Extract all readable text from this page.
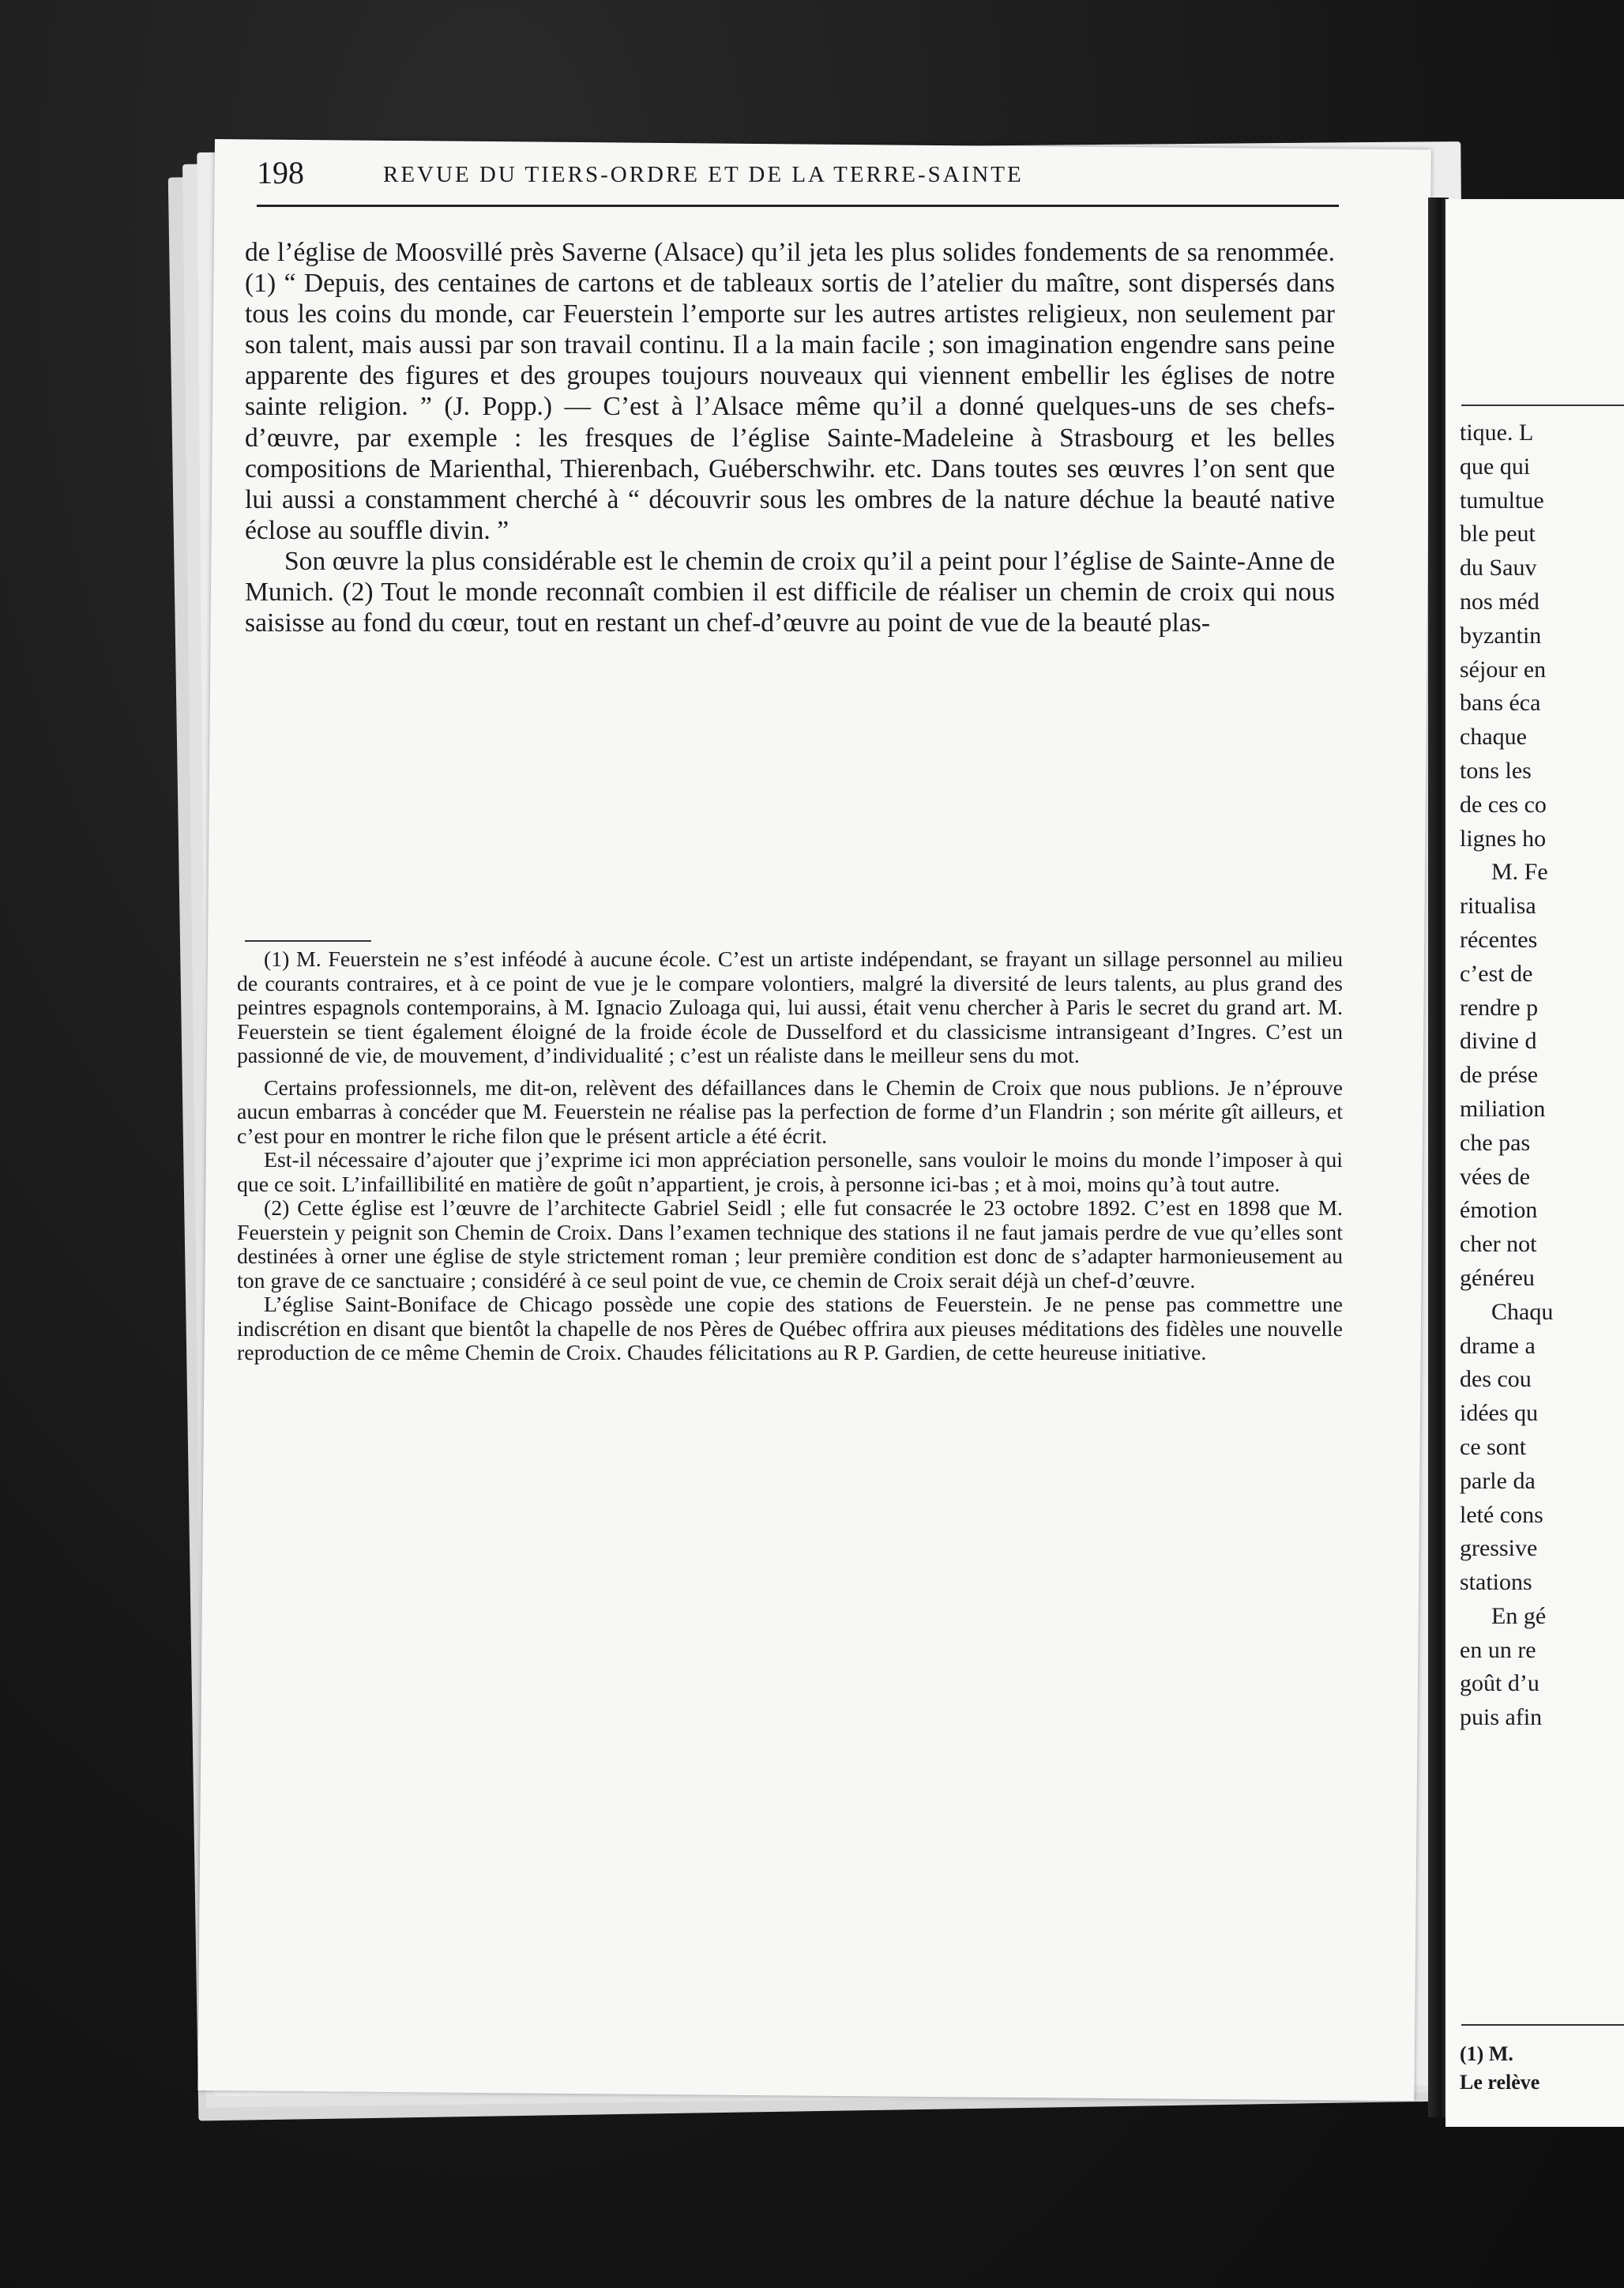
tique. L
que qui
tumultue
ble peut
du Sauv
nos méd
byzantin
séjour en
bans éca
chaque
tons les
de ces co
lignes ho
M. Fe
ritualisa
récentes
c’est de
rendre p
divine d
de prése
miliation
che pas
vées de
émotion
cher not
généreu
Chaqu
drame a
des cou
idées qu
ce sont
parle da
leté cons
gressive
stations
En gé
en un re
goût d’u
puis afin
(1) M.
Le relève
198	REVUE DU TIERS-ORDRE ET DE LA TERRE-SAINTE

de l’église de Moosvillé près Saverne (Alsace) qu’il jeta les plus solides fondements de sa renommée. (1) “ Depuis, des centaines de cartons et de tableaux sortis de l’atelier du maître, sont dispersés dans tous les coins du monde, car Feuerstein l’emporte sur les autres artistes religieux, non seulement par son talent, mais aussi par son travail continu. Il a la main facile ; son imagination engendre sans peine apparente des figures et des groupes toujours nouveaux qui viennent embellir les églises de notre sainte religion. ” (J. Popp.) — C’est à l’Alsace même qu’il a donné quelques-uns de ses chefs-d’œuvre, par exemple : les fresques de l’église Sainte-Madeleine à Strasbourg et les belles compositions de Marienthal, Thierenbach, Guéberschwihr. etc. Dans toutes ses œuvres l’on sent que lui aussi a constamment cherché à “ découvrir sous les ombres de la nature déchue la beauté native éclose au souffle divin. ”

Son œuvre la plus considérable est le chemin de croix qu’il a peint pour l’église de Sainte-Anne de Munich. (2) Tout le monde reconnaît combien il est difficile de réaliser un chemin de croix qui nous saisisse au fond du cœur, tout en restant un chef-d’œuvre au point de vue de la beauté plas-

(1) M. Feuerstein ne s’est inféodé à aucune école. C’est un artiste indépendant, se frayant un sillage personnel au milieu de courants contraires, et à ce point de vue je le compare volontiers, malgré la diversité de leurs talents, au plus grand des peintres espagnols contemporains, à M. Ignacio Zuloaga qui, lui aussi, était venu chercher à Paris le secret du grand art. M. Feuerstein se tient également éloigné de la froide école de Dusselford et du classicisme intransigeant d’Ingres. C’est un passionné de vie, de mouvement, d’individualité ; c’est un réaliste dans le meilleur sens du mot.

Certains professionnels, me dit-on, relèvent des défaillances dans le Chemin de Croix que nous publions. Je n’éprouve aucun embarras à concéder que M. Feuerstein ne réalise pas la perfection de forme d’un Flandrin ; son mérite gît ailleurs, et c’est pour en montrer le riche filon que le présent article a été écrit.

Est-il nécessaire d’ajouter que j’exprime ici mon appréciation personelle, sans vouloir le moins du monde l’imposer à qui que ce soit. L’infaillibilité en matière de goût n’appartient, je crois, à personne ici-bas ; et à moi, moins qu’à tout autre.

(2) Cette église est l’œuvre de l’architecte Gabriel Seidl ; elle fut consacrée le 23 octobre 1892. C’est en 1898 que M. Feuerstein y peignit son Chemin de Croix. Dans l’examen technique des stations il ne faut jamais perdre de vue qu’elles sont destinées à orner une église de style strictement roman ; leur première condition est donc de s’adapter harmonieusement au ton grave de ce sanctuaire ; considéré à ce seul point de vue, ce chemin de Croix serait déjà un chef-d’œuvre.

L’église Saint-Boniface de Chicago possède une copie des stations de Feuerstein. Je ne pense pas commettre une indiscrétion en disant que bientôt la chapelle de nos Pères de Québec offrira aux pieuses méditations des fidèles une nouvelle reproduction de ce même Chemin de Croix. Chaudes félicitations au R P. Gardien, de cette heureuse initiative.
